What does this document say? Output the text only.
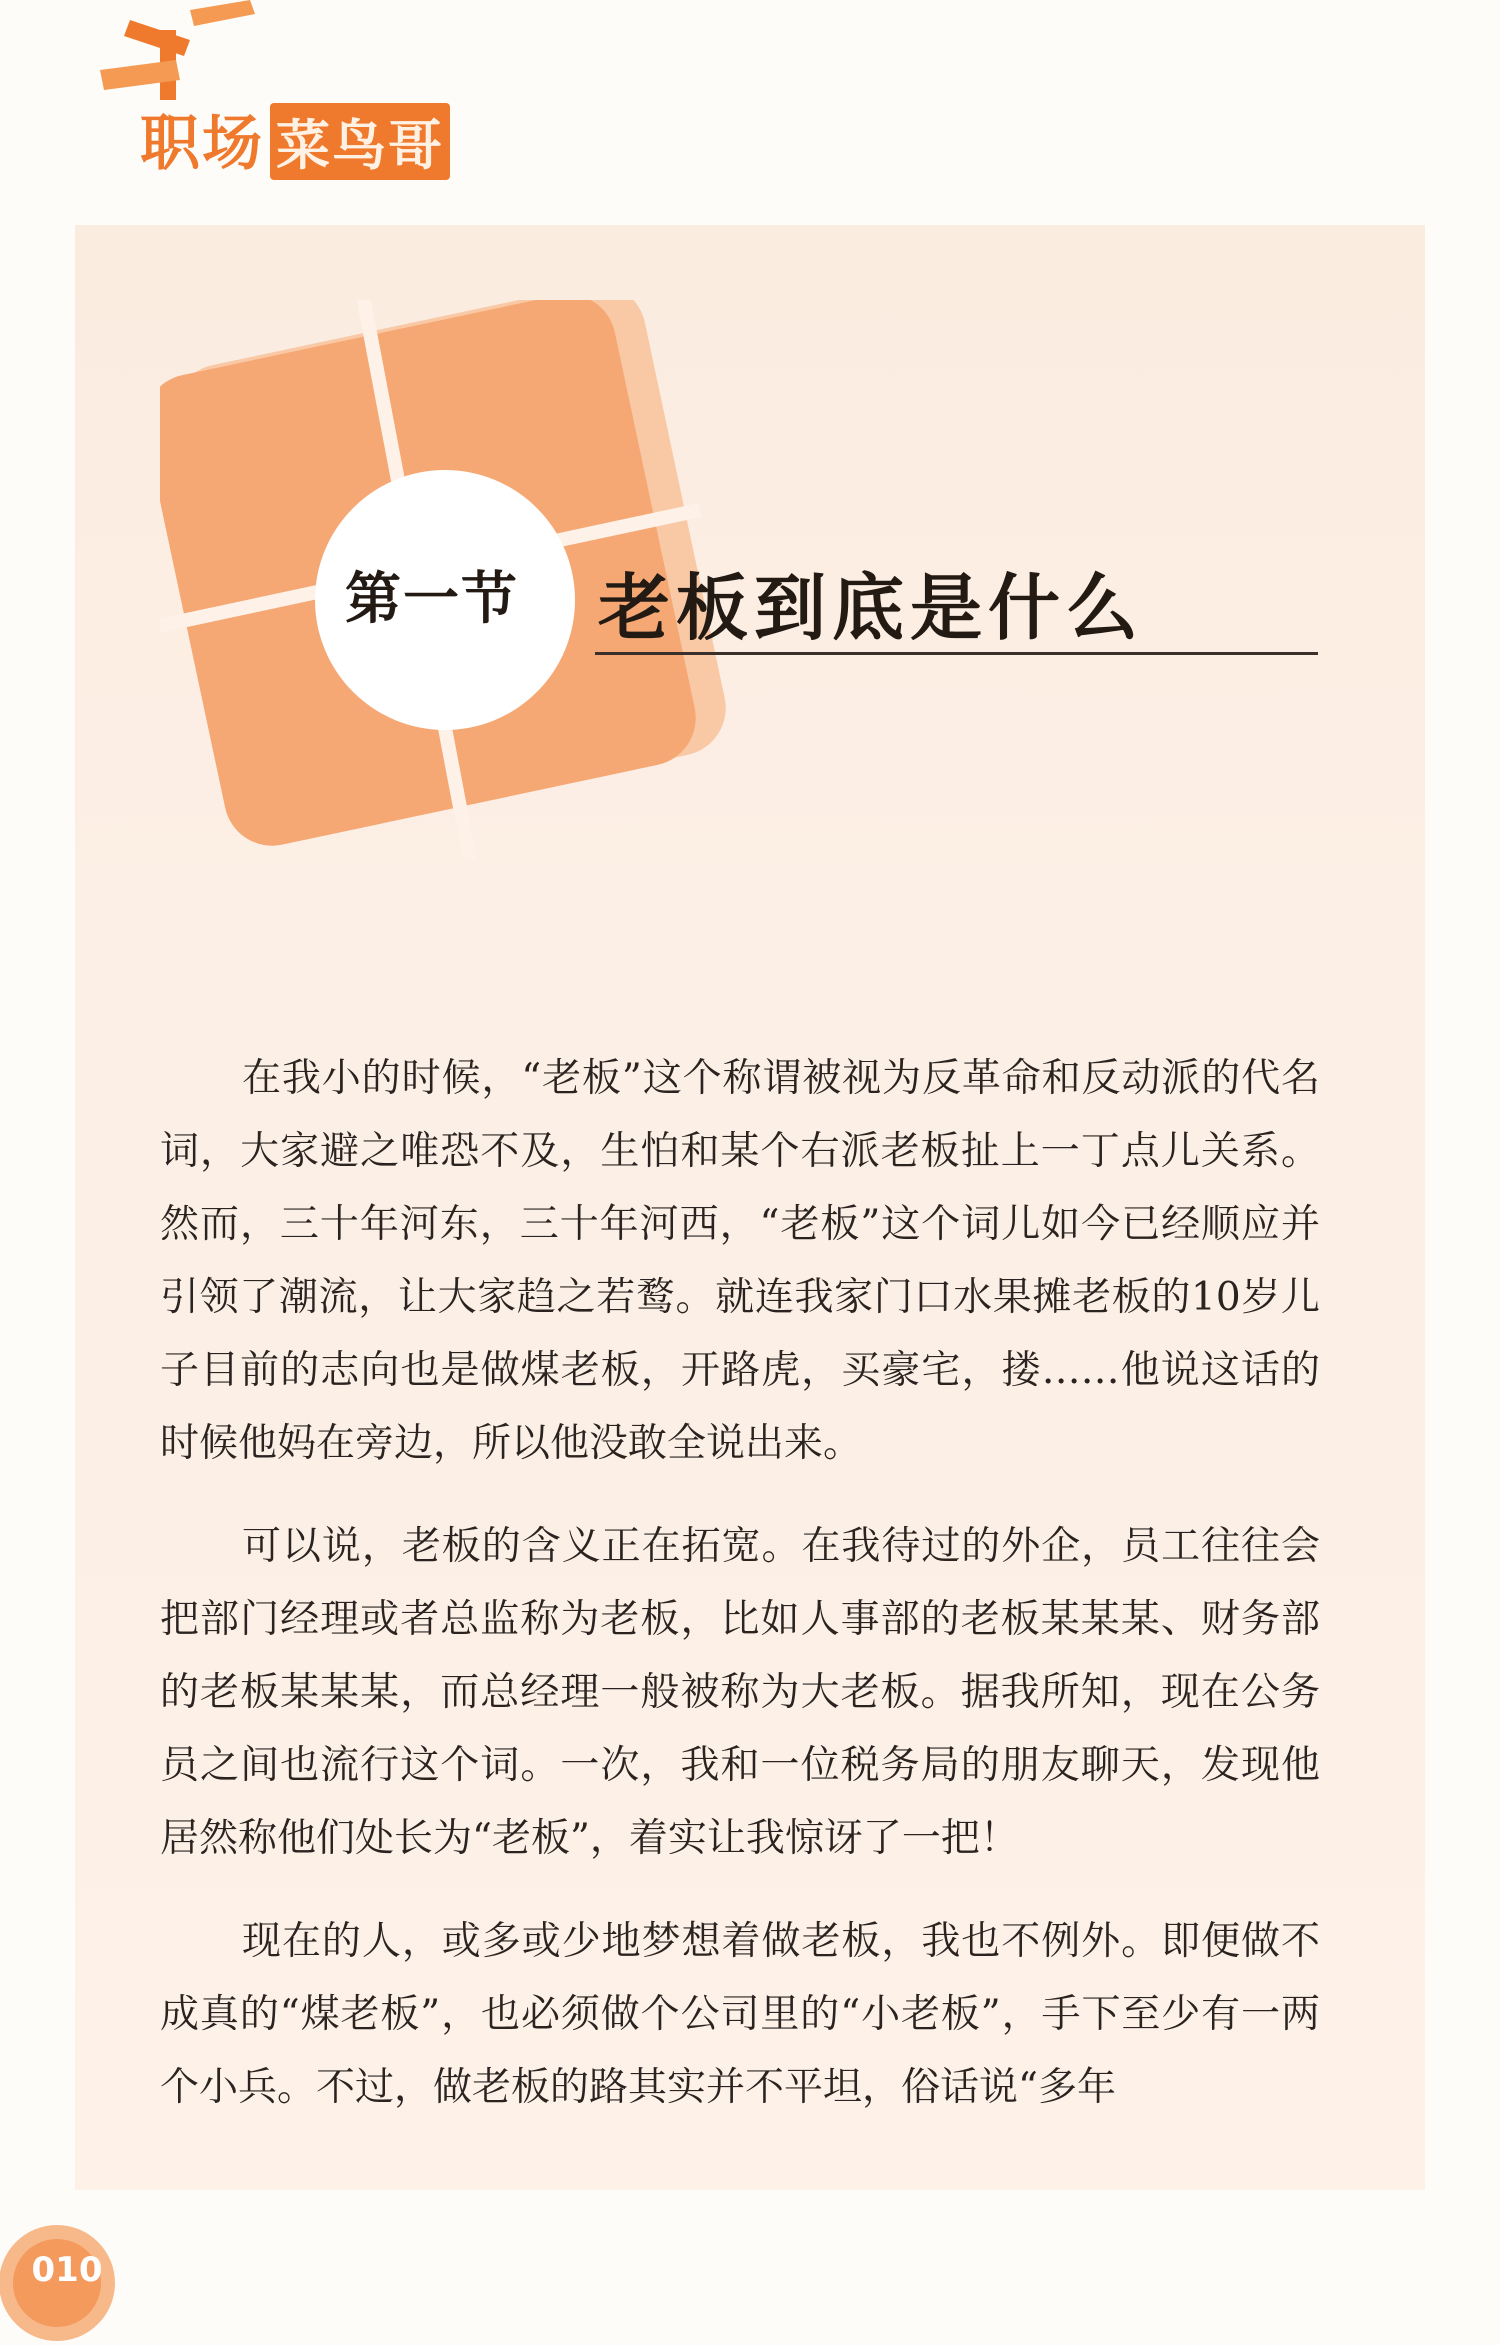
职场 菜鸟哥
第一节 老板到底是什么

在我小的时候，“老板”这个称谓被视为反革命和反动派的代名词，大家避之唯恐不及，生怕和某个右派老板扯上一丁点儿关系。然而，三十年河东，三十年河西，“老板”这个词儿如今已经顺应并引领了潮流，让大家趋之若鹜。就连我家门口水果摊老板的10岁儿子目前的志向也是做煤老板，开路虎，买豪宅，搂……他说这话的时候他妈在旁边，所以他没敢全说出来。

可以说，老板的含义正在拓宽。在我待过的外企，员工往往会把部门经理或者总监称为老板，比如人事部的老板某某某、财务部的老板某某某，而总经理一般被称为大老板。据我所知，现在公务员之间也流行这个词。一次，我和一位税务局的朋友聊天，发现他居然称他们处长为“老板”，着实让我惊讶了一把！

现在的人，或多或少地梦想着做老板，我也不例外。即便做不成真的“煤老板”，也必须做个公司里的“小老板”，手下至少有一两个小兵。不过，做老板的路其实并不平坦，俗话说“多年

010
